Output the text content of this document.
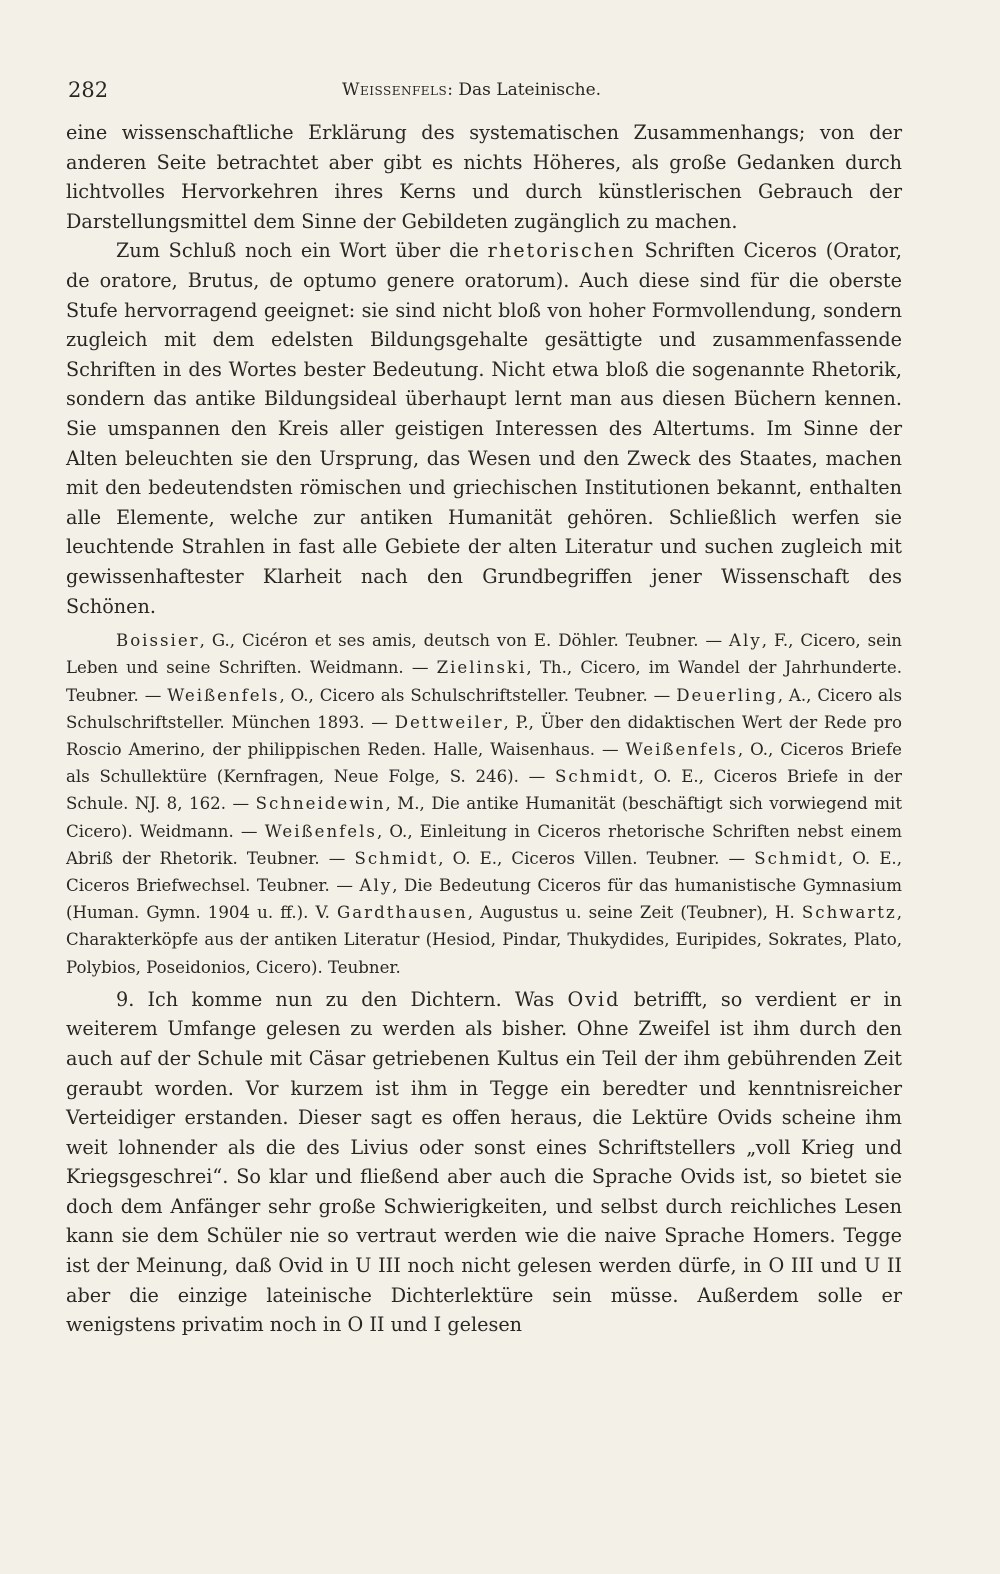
282	Weissenfels: Das Lateinische.

eine wissenschaftliche Erklärung des systematischen Zusammenhangs; von der anderen Seite betrachtet aber gibt es nichts Höheres, als große Gedanken durch lichtvolles Hervorkehren ihres Kerns und durch künstlerischen Gebrauch der Darstellungsmittel dem Sinne der Gebildeten zugänglich zu machen.

Zum Schluß noch ein Wort über die rhetorischen Schriften Ciceros (Orator, de oratore, Brutus, de optumo genere oratorum). Auch diese sind für die oberste Stufe hervorragend geeignet: sie sind nicht bloß von hoher Formvollendung, sondern zugleich mit dem edelsten Bildungsgehalte gesättigte und zusammenfassende Schriften in des Wortes bester Bedeutung. Nicht etwa bloß die sogenannte Rhetorik, sondern das antike Bildungsideal überhaupt lernt man aus diesen Büchern kennen. Sie umspannen den Kreis aller geistigen Interessen des Altertums. Im Sinne der Alten beleuchten sie den Ursprung, das Wesen und den Zweck des Staates, machen mit den bedeutendsten römischen und griechischen Institutionen bekannt, enthalten alle Elemente, welche zur antiken Humanität gehören. Schließlich werfen sie leuchtende Strahlen in fast alle Gebiete der alten Literatur und suchen zugleich mit gewissenhaftester Klarheit nach den Grundbegriffen jener Wissenschaft des Schönen.

Boissier, G., Cicéron et ses amis, deutsch von E. Döhler. Teubner. — Aly, F., Cicero, sein Leben und seine Schriften. Weidmann. — Zielinski, Th., Cicero, im Wandel der Jahrhunderte. Teubner. — Weißenfels, O., Cicero als Schulschriftsteller. Teubner. — Deuerling, A., Cicero als Schulschriftsteller. München 1893. — Dettweiler, P., Über den didaktischen Wert der Rede pro Roscio Amerino, der philippischen Reden. Halle, Waisenhaus. — Weißenfels, O., Ciceros Briefe als Schullektüre (Kernfragen, Neue Folge, S. 246). — Schmidt, O. E., Ciceros Briefe in der Schule. NJ. 8, 162. — Schneidewin, M., Die antike Humanität (beschäftigt sich vorwiegend mit Cicero). Weidmann. — Weißenfels, O., Einleitung in Ciceros rhetorische Schriften nebst einem Abriß der Rhetorik. Teubner. — Schmidt, O. E., Ciceros Villen. Teubner. — Schmidt, O. E., Ciceros Briefwechsel. Teubner. — Aly, Die Bedeutung Ciceros für das humanistische Gymnasium (Human. Gymn. 1904 u. ff.). V. Gardthausen, Augustus u. seine Zeit (Teubner), H. Schwartz, Charakterköpfe aus der antiken Literatur (Hesiod, Pindar, Thukydides, Euripides, Sokrates, Plato, Polybios, Poseidonios, Cicero). Teubner.

9. Ich komme nun zu den Dichtern. Was Ovid betrifft, so verdient er in weiterem Umfange gelesen zu werden als bisher. Ohne Zweifel ist ihm durch den auch auf der Schule mit Cäsar getriebenen Kultus ein Teil der ihm gebührenden Zeit geraubt worden. Vor kurzem ist ihm in Tegge ein beredter und kenntnisreicher Verteidiger erstanden. Dieser sagt es offen heraus, die Lektüre Ovids scheine ihm weit lohnender als die des Livius oder sonst eines Schriftstellers „voll Krieg und Kriegsgeschrei“. So klar und fließend aber auch die Sprache Ovids ist, so bietet sie doch dem Anfänger sehr große Schwierigkeiten, und selbst durch reichliches Lesen kann sie dem Schüler nie so vertraut werden wie die naive Sprache Homers. Tegge ist der Meinung, daß Ovid in U III noch nicht gelesen werden dürfe, in O III und U II aber die einzige lateinische Dichterlektüre sein müsse. Außerdem solle er wenigstens privatim noch in O II und I gelesen
